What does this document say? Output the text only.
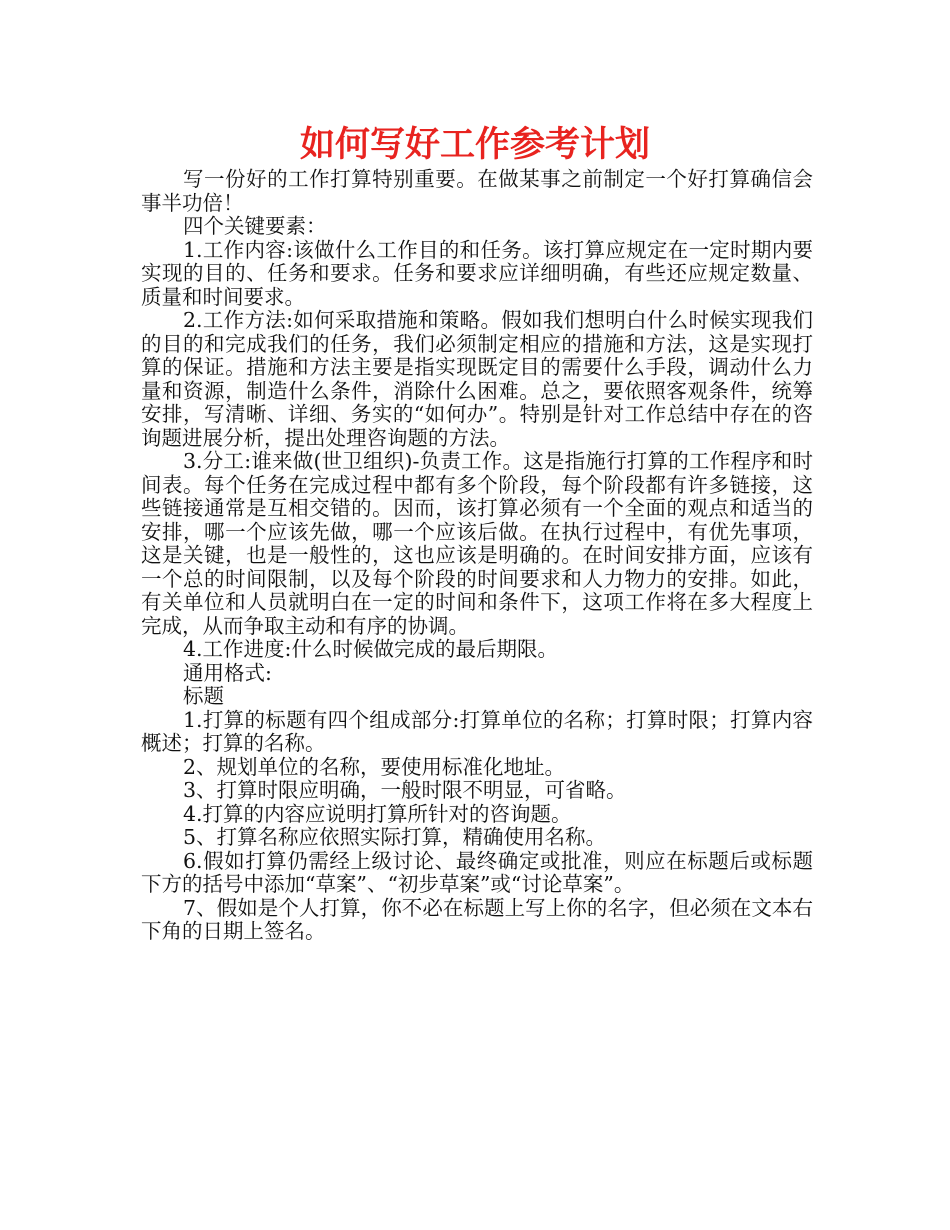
如何写好工作参考计划

写一份好的工作打算特别重要。在做某事之前制定一个好打算确信会事半功倍！

四个关键要素：

1.工作内容:该做什么工作目的和任务。该打算应规定在一定时期内要实现的目的、任务和要求。任务和要求应详细明确，有些还应规定数量、质量和时间要求。

2.工作方法:如何采取措施和策略。假如我们想明白什么时候实现我们的目的和完成我们的任务，我们必须制定相应的措施和方法，这是实现打算的保证。措施和方法主要是指实现既定目的需要什么手段，调动什么力量和资源，制造什么条件，消除什么困难。总之，要依照客观条件，统筹安排，写清晰、详细、务实的“如何办”。特别是针对工作总结中存在的咨询题进展分析，提出处理咨询题的方法。

3.分工:谁来做(世卫组织)-负责工作。这是指施行打算的工作程序和时间表。每个任务在完成过程中都有多个阶段，每个阶段都有许多链接，这些链接通常是互相交错的。因而，该打算必须有一个全面的观点和适当的安排，哪一个应该先做，哪一个应该后做。在执行过程中，有优先事项，这是关键，也是一般性的，这也应该是明确的。在时间安排方面，应该有一个总的时间限制，以及每个阶段的时间要求和人力物力的安排。如此，有关单位和人员就明白在一定的时间和条件下，这项工作将在多大程度上完成，从而争取主动和有序的协调。

4.工作进度:什么时候做完成的最后期限。

通用格式:

标题

1.打算的标题有四个组成部分:打算单位的名称；打算时限；打算内容概述；打算的名称。

2、规划单位的名称，要使用标准化地址。

3、打算时限应明确，一般时限不明显，可省略。

4.打算的内容应说明打算所针对的咨询题。

5、打算名称应依照实际打算，精确使用名称。

6.假如打算仍需经上级讨论、最终确定或批准，则应在标题后或标题下方的括号中添加“草案”、“初步草案”或“讨论草案”。

7、假如是个人打算，你不必在标题上写上你的名字，但必须在文本右下角的日期上签名。
